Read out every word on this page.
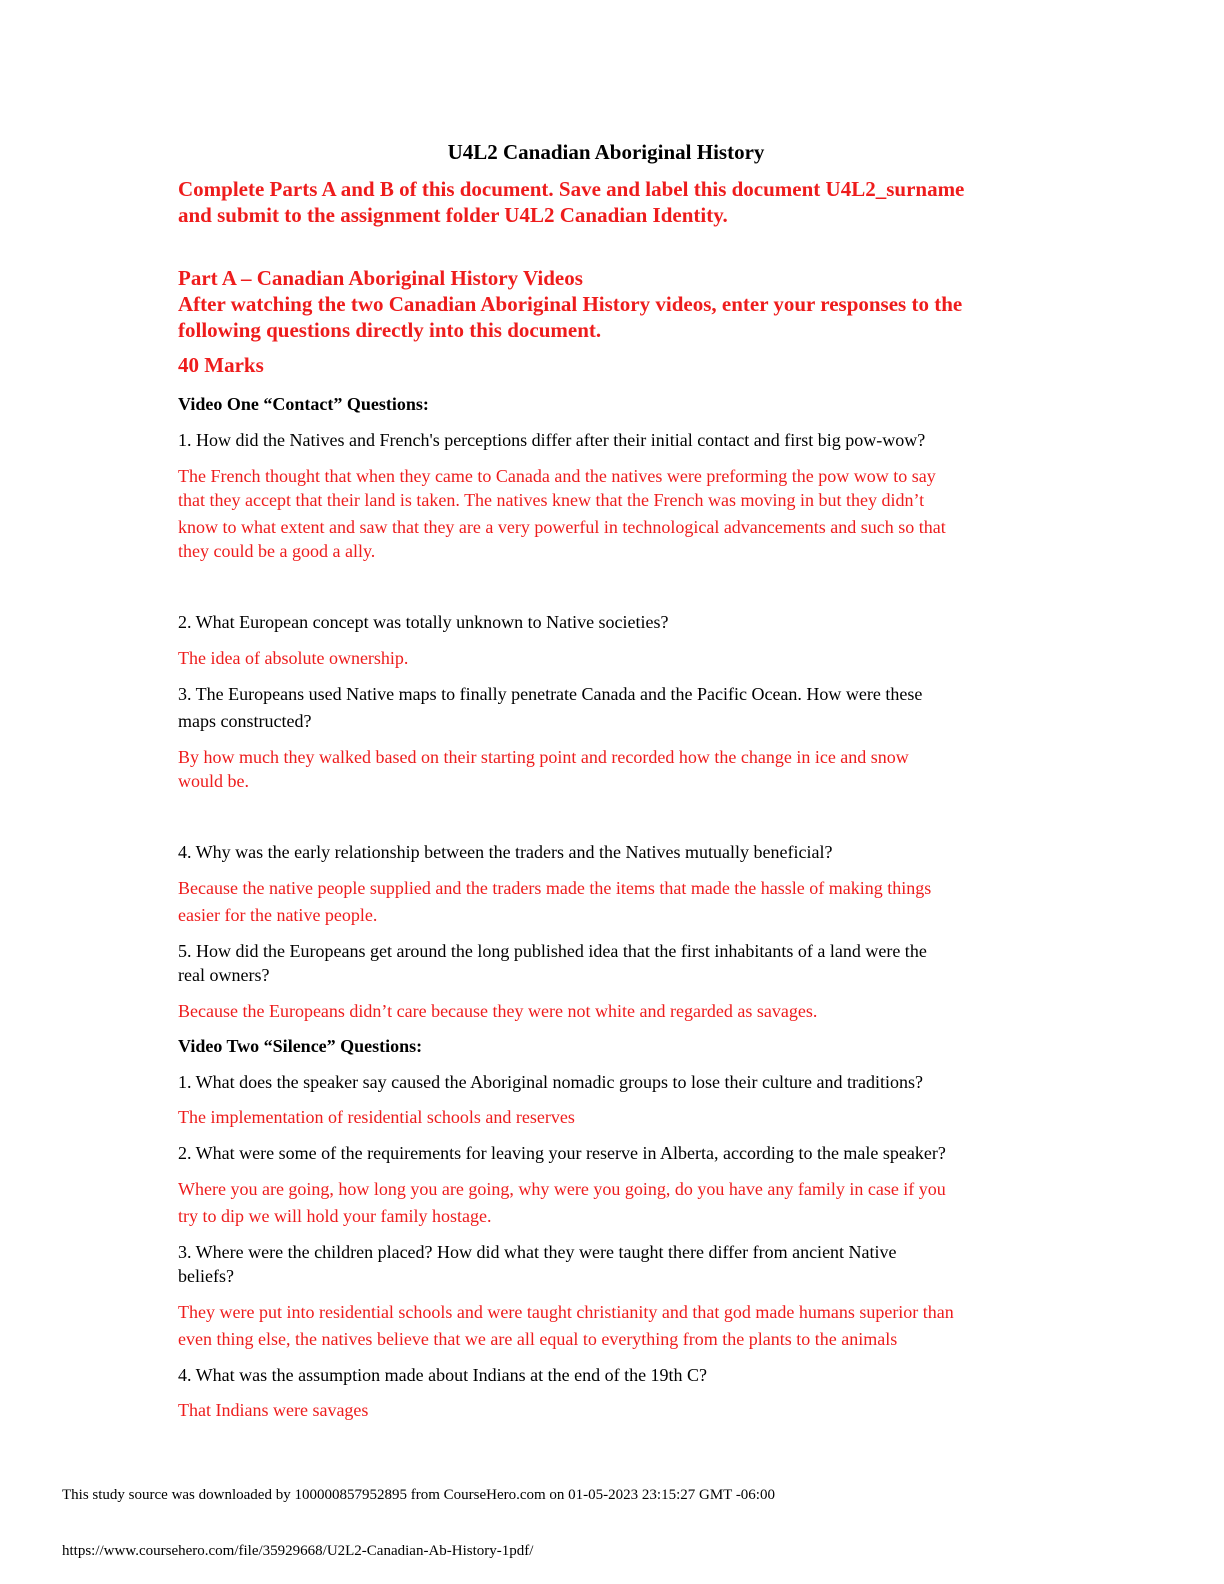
U4L2 Canadian Aboriginal History

Complete Parts A and B of this document. Save and label this document U4L2_surname

and submit to the assignment folder U4L2 Canadian Identity.

Part A – Canadian Aboriginal History Videos

After watching the two Canadian Aboriginal History videos, enter your responses to the

following questions directly into this document.

40 Marks

Video One “Contact” Questions:

1. How did the Natives and French's perceptions differ after their initial contact and first big pow-wow?

The French thought that when they came to Canada and the natives were preforming the pow wow to say

that they accept that their land is taken. The natives knew that the French was moving in but they didn’t

know to what extent and saw that they are a very powerful in technological advancements and such so that

they could be a good a ally.

2. What European concept was totally unknown to Native societies?

The idea of absolute ownership.

3. The Europeans used Native maps to finally penetrate Canada and the Pacific Ocean. How were these

maps constructed?

By how much they walked based on their starting point and recorded how the change in ice and snow

would be.

4. Why was the early relationship between the traders and the Natives mutually beneficial?

Because the native people supplied and the traders made the items that made the hassle of making things

easier for the native people.

5. How did the Europeans get around the long published idea that the first inhabitants of a land were the

real owners?

Because the Europeans didn’t care because they were not white and regarded as savages.

Video Two “Silence” Questions:

1. What does the speaker say caused the Aboriginal nomadic groups to lose their culture and traditions?

The implementation of residential schools and reserves

2. What were some of the requirements for leaving your reserve in Alberta, according to the male speaker?

Where you are going, how long you are going, why were you going, do you have any family in case if you

try to dip we will hold your family hostage.

3. Where were the children placed? How did what they were taught there differ from ancient Native

beliefs?

They were put into residential schools and were taught christianity and that god made humans superior than

even thing else, the natives believe that we are all equal to everything from the plants to the animals

4. What was the assumption made about Indians at the end of the 19th C?

That Indians were savages

This study source was downloaded by 100000857952895 from CourseHero.com on 01-05-2023 23:15:27 GMT -06:00

https://www.coursehero.com/file/35929668/U2L2-Canadian-Ab-History-1pdf/
